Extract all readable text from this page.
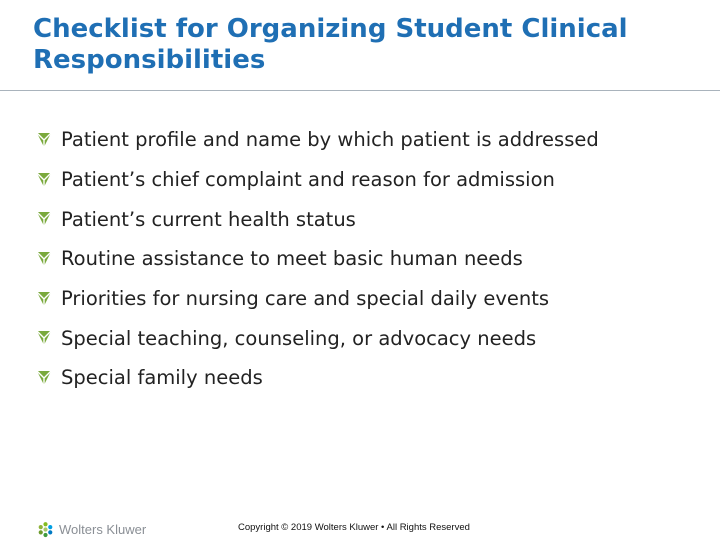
Checklist for Organizing Student Clinical
Responsibilities
Patient profile and name by which patient is addressed
Patient’s chief complaint and reason for admission
Patient’s current health status
Routine assistance to meet basic human needs
Priorities for nursing care and special daily events
Special teaching, counseling, or advocacy needs
Special family needs
Wolters Kluwer	Copyright © 2019 Wolters Kluwer • All Rights Reserved
